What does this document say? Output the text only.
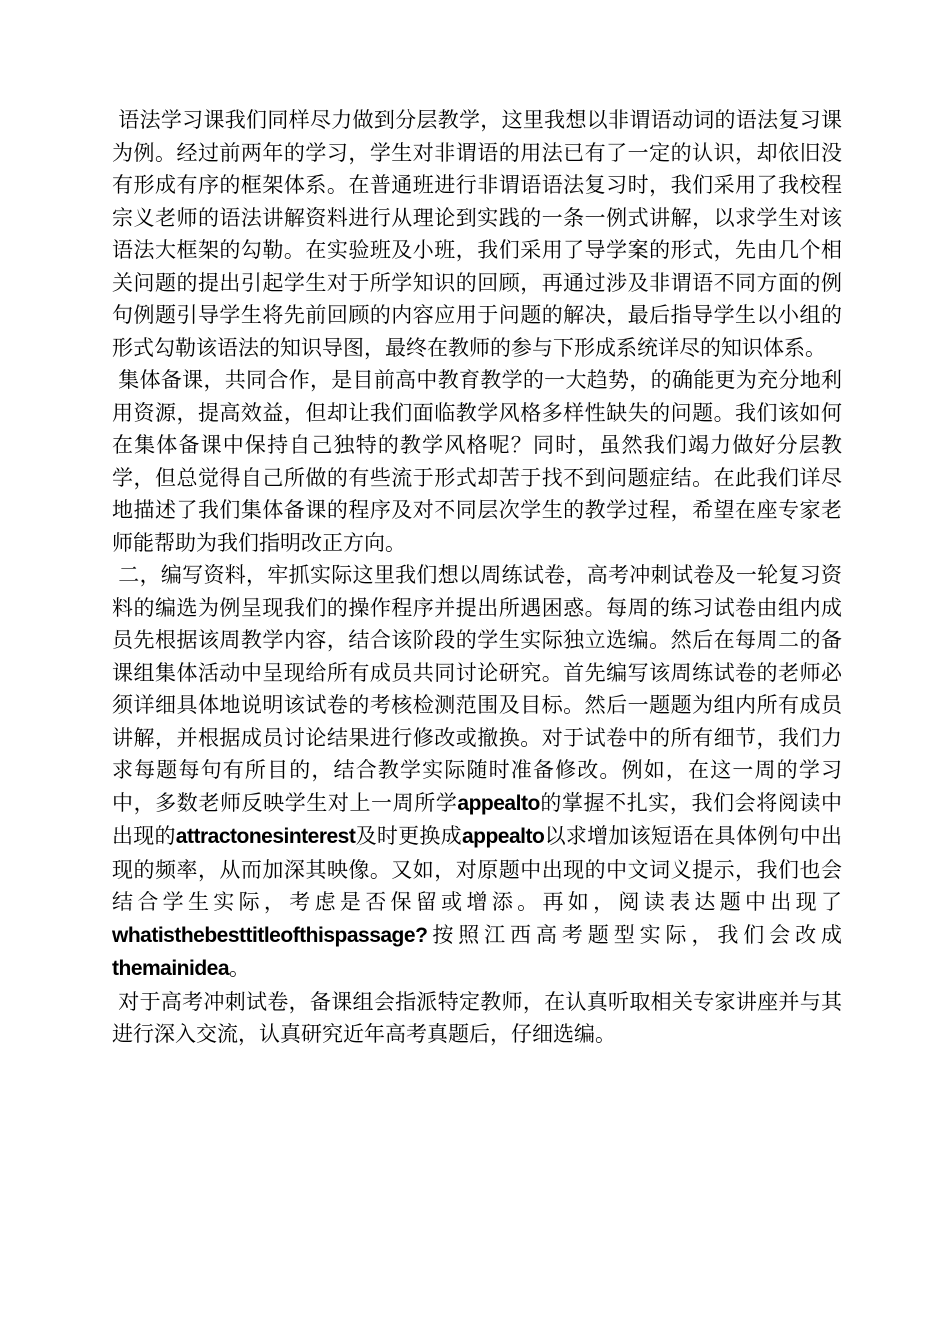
语法学习课我们同样尽力做到分层教学，这里我想以非谓语动词的语法复习课为例。经过前两年的学习，学生对非谓语的用法已有了一定的认识，却依旧没有形成有序的框架体系。在普通班进行非谓语语法复习时，我们采用了我校程宗义老师的语法讲解资料进行从理论到实践的一条一例式讲解，以求学生对该语法大框架的勾勒。在实验班及小班，我们采用了导学案的形式，先由几个相关问题的提出引起学生对于所学知识的回顾，再通过涉及非谓语不同方面的例句例题引导学生将先前回顾的内容应用于问题的解决，最后指导学生以小组的形式勾勒该语法的知识导图，最终在教师的参与下形成系统详尽的知识体系。

集体备课，共同合作，是目前高中教育教学的一大趋势，的确能更为充分地利用资源，提高效益，但却让我们面临教学风格多样性缺失的问题。我们该如何在集体备课中保持自己独特的教学风格呢？同时，虽然我们竭力做好分层教学，但总觉得自己所做的有些流于形式却苦于找不到问题症结。在此我们详尽地描述了我们集体备课的程序及对不同层次学生的教学过程，希望在座专家老师能帮助为我们指明改正方向。

二，编写资料，牢抓实际这里我们想以周练试卷，高考冲刺试卷及一轮复习资料的编选为例呈现我们的操作程序并提出所遇困惑。每周的练习试卷由组内成员先根据该周教学内容，结合该阶段的学生实际独立选编。然后在每周二的备课组集体活动中呈现给所有成员共同讨论研究。首先编写该周练试卷的老师必须详细具体地说明该试卷的考核检测范围及目标。然后一题题为组内所有成员讲解，并根据成员讨论结果进行修改或撤换。对于试卷中的所有细节，我们力求每题每句有所目的，结合教学实际随时准备修改。例如，在这一周的学习中，多数老师反映学生对上一周所学appealto的掌握不扎实，我们会将阅读中出现的attractonesinterest及时更换成appealto以求增加该短语在具体例句中出现的频率，从而加深其映像。又如，对原题中出现的中文词义提示，我们也会结合学生实际，考虑是否保留或增添。再如，阅读表达题中出现了whatisthebesttitleofthispassage?按照江西高考题型实际，我们会改成themainidea。

对于高考冲刺试卷，备课组会指派特定教师，在认真听取相关专家讲座并与其进行深入交流，认真研究近年高考真题后，仔细选编。
